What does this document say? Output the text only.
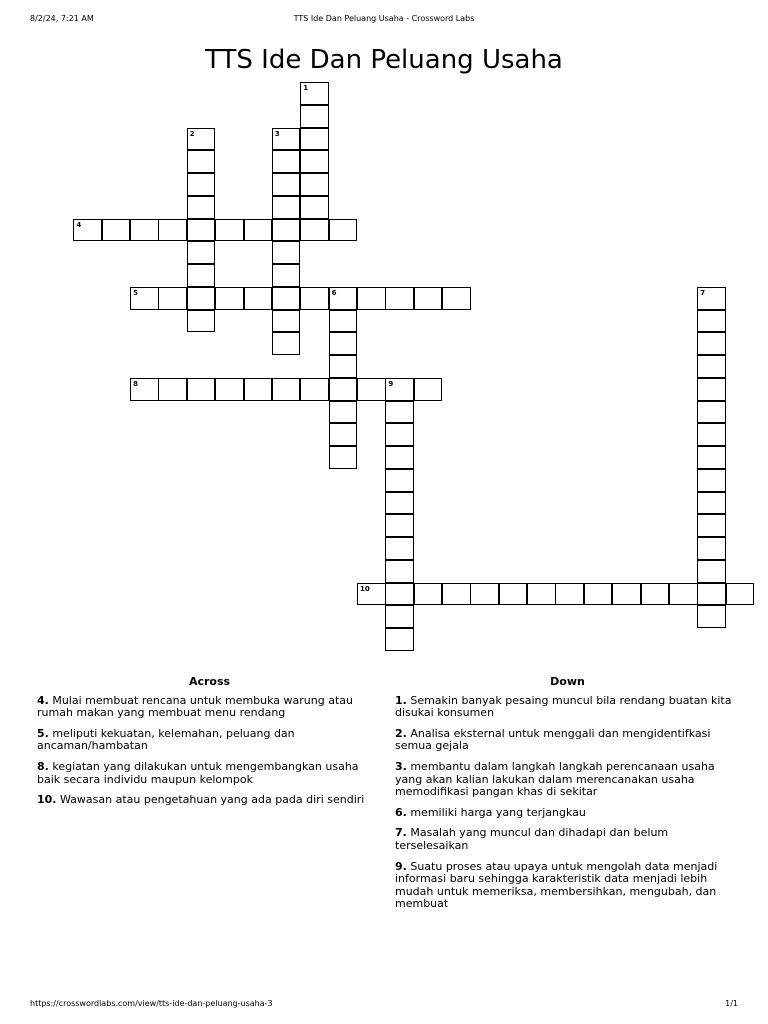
8/2/24, 7:21 AM	TTS Ide Dan Peluang Usaha - Crossword Labs
TTS Ide Dan Peluang Usaha
1
2	3
4
5	6	7
8	9
10
Across
4. Mulai membuat rencana untuk membuka warung atau rumah makan yang membuat menu rendang
5. meliputi kekuatan, kelemahan, peluang dan ancaman/hambatan
8. kegiatan yang dilakukan untuk mengembangkan usaha baik secara individu maupun kelompok
10. Wawasan atau pengetahuan yang ada pada diri sendiri
Down
1. Semakin banyak pesaing muncul bila rendang buatan kita disukai konsumen
2. Analisa eksternal untuk menggali dan mengidentifkasi semua gejala
3. membantu dalam langkah langkah perencanaan usaha yang akan kalian lakukan dalam merencanakan usaha memodifikasi pangan khas di sekitar
6. memiliki harga yang terjangkau
7. Masalah yang muncul dan dihadapi dan belum terselesaikan
9. Suatu proses atau upaya untuk mengolah data menjadi informasi baru sehingga karakteristik data menjadi lebih mudah untuk memeriksa, membersihkan, mengubah, dan membuat
https://crosswordlabs.com/view/tts-ide-dan-peluang-usaha-3	1/1
